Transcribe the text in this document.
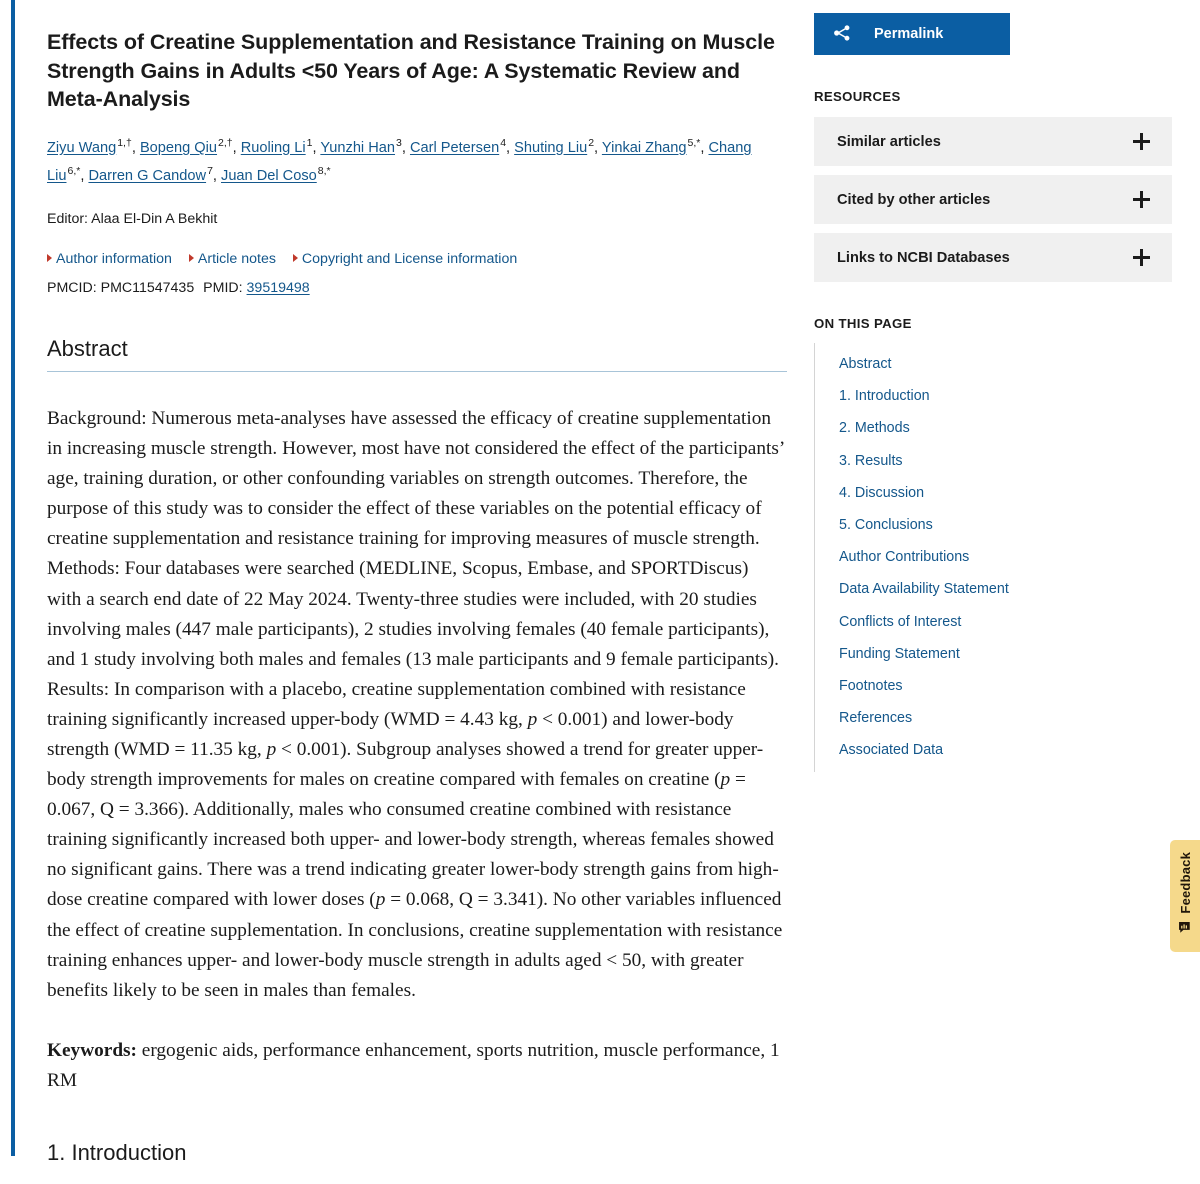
Effects of Creatine Supplementation and Resistance Training on Muscle Strength Gains in Adults <50 Years of Age: A Systematic Review and Meta-Analysis
Ziyu Wang$^{1,\dagger}$, Bopeng Qiu$^{2,\dagger}$, Ruoling Li$^1$, Yunzhi Han$^3$, Carl Petersen$^4$, Shuting Liu$^2$, Yinkai Zhang$^{5,*}$, Chang Liu$^{6,*}$, Darren G Candow$^7$, Juan Del Coso$^{8,*}$
Editor: Alaa El-Din A Bekhit
Author information Article notes Copyright and License information
PMCID: PMC11547435 PMID: 39519498
Abstract

Background: Numerous meta-analyses have assessed the efficacy of creatine supplementation in increasing muscle strength. However, most have not considered the effect of the participants’ age, training duration, or other confounding variables on strength outcomes. Therefore, the purpose of this study was to consider the effect of these variables on the potential efficacy of creatine supplementation and resistance training for improving measures of muscle strength. Methods: Four databases were searched (MEDLINE, Scopus, Embase, and SPORTDiscus) with a search end date of 22 May 2024. Twenty-three studies were included, with 20 studies involving males (447 male participants), 2 studies involving females (40 female participants), and 1 study involving both males and females (13 male participants and 9 female participants). Results: In comparison with a placebo, creatine supplementation combined with resistance training significantly increased upper-body (WMD = 4.43 kg, p < 0.001) and lower-body strength (WMD = 11.35 kg, p < 0.001). Subgroup analyses showed a trend for greater upper-body strength improvements for males on creatine compared with females on creatine (p = 0.067, Q = 3.366). Additionally, males who consumed creatine combined with resistance training significantly increased both upper- and lower-body strength, whereas females showed no significant gains. There was a trend indicating greater lower-body strength gains from high-dose creatine compared with lower doses (p = 0.068, Q = 3.341). No other variables influenced the effect of creatine supplementation. In conclusions, creatine supplementation with resistance training enhances upper- and lower-body muscle strength in adults aged < 50, with greater benefits likely to be seen in males than females.

Keywords: ergogenic aids, performance enhancement, sports nutrition, muscle performance, 1 RM

1. Introduction
Permalink
RESOURCES
Similar articles
Cited by other articles
Links to NCBI Databases
ON THIS PAGE
Abstract
1. Introduction
2. Methods
3. Results
4. Discussion
5. Conclusions
Author Contributions
Data Availability Statement
Conflicts of Interest
Funding Statement
Footnotes
References
Associated Data
Feedback
